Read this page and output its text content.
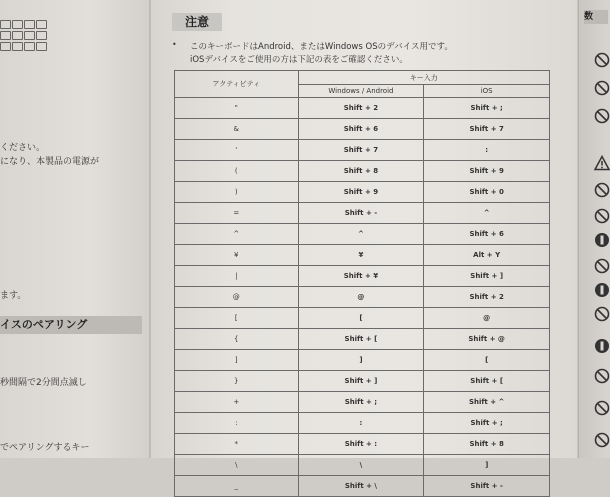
ください。
になり、本製品の電源が
ます。
イスのペアリング
秒間隔で2分間点滅し
でペアリングするキー
注意
• このキーボードはAndroid、またはWindows OSのデバイス用です。
iOSデバイスをご使用の方は下記の表をご確認ください。
アクティビティ	キー入力	
	Windows / Android	iOS
"	Shift + 2	Shift + ;
&	Shift + 6	Shift + 7
'	Shift + 7	:
(	Shift + 8	Shift + 9
)	Shift + 9	Shift + 0
=	Shift + -	^
^	^	Shift + 6
¥	¥	Alt + Y
|	Shift + ¥	Shift + ]
@	@	Shift + 2
[	[	@
{	Shift + [	Shift + @
]	]	[
}	Shift + ]	Shift + [
+	Shift + ;	Shift + ^
:	:	Shift + ;
*	Shift + :	Shift + 8
\	\	]
_	Shift + \	Shift + -
数
